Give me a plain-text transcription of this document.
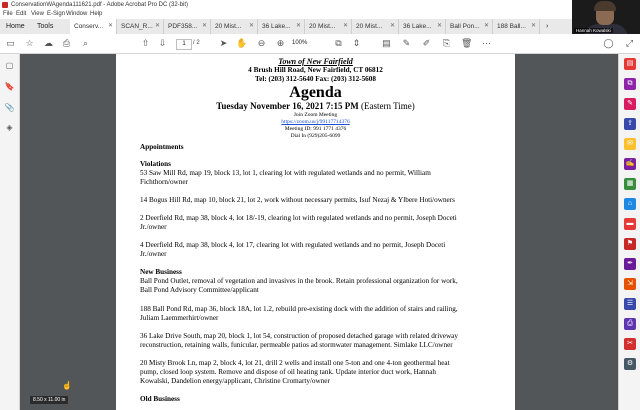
ConservationWAgenda111621.pdf - Adobe Acrobat Pro DC (32-bit)
File Edit View E-Sign Window Help
Home Tools	Conserv... ✕	SCAN_R... ✕	PDF358... ✕	20 Mist... ✕	36 Lake... ✕	20 Mist... ✕	20 Mist... ✕	36 Lake... ✕	Ball Pon... ✕	188 Ball... ✕ ›
Hannah Kowalski
▭ ☆ ☁ ⎙	⌕	⇧ ⇩	1	/ 2 ➤ ✋ ⊖ ⊕ 100%	⧉ ⇕ ▤ ✎ ✐ ⎘ 🗑 ⋯	◯ ⤢
▢
🔖
📎
◈
▤
⧉
✎
⇪
✉
✍
▦
⌂
▬
⚑
✒
⇲
☰
⎙
✂
⚙
Town of New Fairfield
4 Brush Hill Road, New Fairfield, CT 06812
Tel: (203) 312-5640 Fax: (203) 312-5608
Agenda
Tuesday November 16, 2021 7:15 PM (Eastern Time)
Join Zoom Meeting
https://zoom.us/j/99117714376
Meeting ID: 991 1771 4376
Dial In (929)205-6099
Appointments
Violations
53 Saw Mill Rd, map 19, block 13, lot 1, clearing lot with regulated wetlands and no permit, William
Fichthorn/owner
14 Bogus Hill Rd, map 10, block 21, lot 2, work without necessary permits, Isuf Nezaj & Ylbere Hoti/owners
2 Deerfield Rd, map 38, block 4, lot 18/-19, clearing lot with regulated wetlands and no permit, Joseph Doceti
Jr./owner
4 Deerfield Rd, map 38, block 4, lot 17, clearing lot with regulated wetlands and no permit, Joseph Doceti
Jr./owner
New Business
Ball Pond Outlet, removal of vegetation and invasives in the brook. Retain professional organization for work,
Ball Pond Advisory Committee/applicant
188 Ball Pond Rd, map 36, block 18A, lot 1.2, rebuild pre-existing dock with the addition of stairs and railing,
Juliam Laemmerhirt/owner
36 Lake Drive South, map 20, block 1, lot 54, construction of proposed detached garage with related driveway
reconstruction, retaining walls, funicular, permeable patios ad stormwater management. Simlake LLC/owner
20 Misty Brook Ln, map 2, block 4, lot 21, drill 2 wells and install one 5-ton and one 4-ton geothermal heat
pump, closed loop system. Remove and dispose of oil heating tank. Update interior duct work, Hannah
Kowalski, Dandelion energy/applicant, Christine Cromarty/owner
Old Business
8.50 x 11.00 in
☝
